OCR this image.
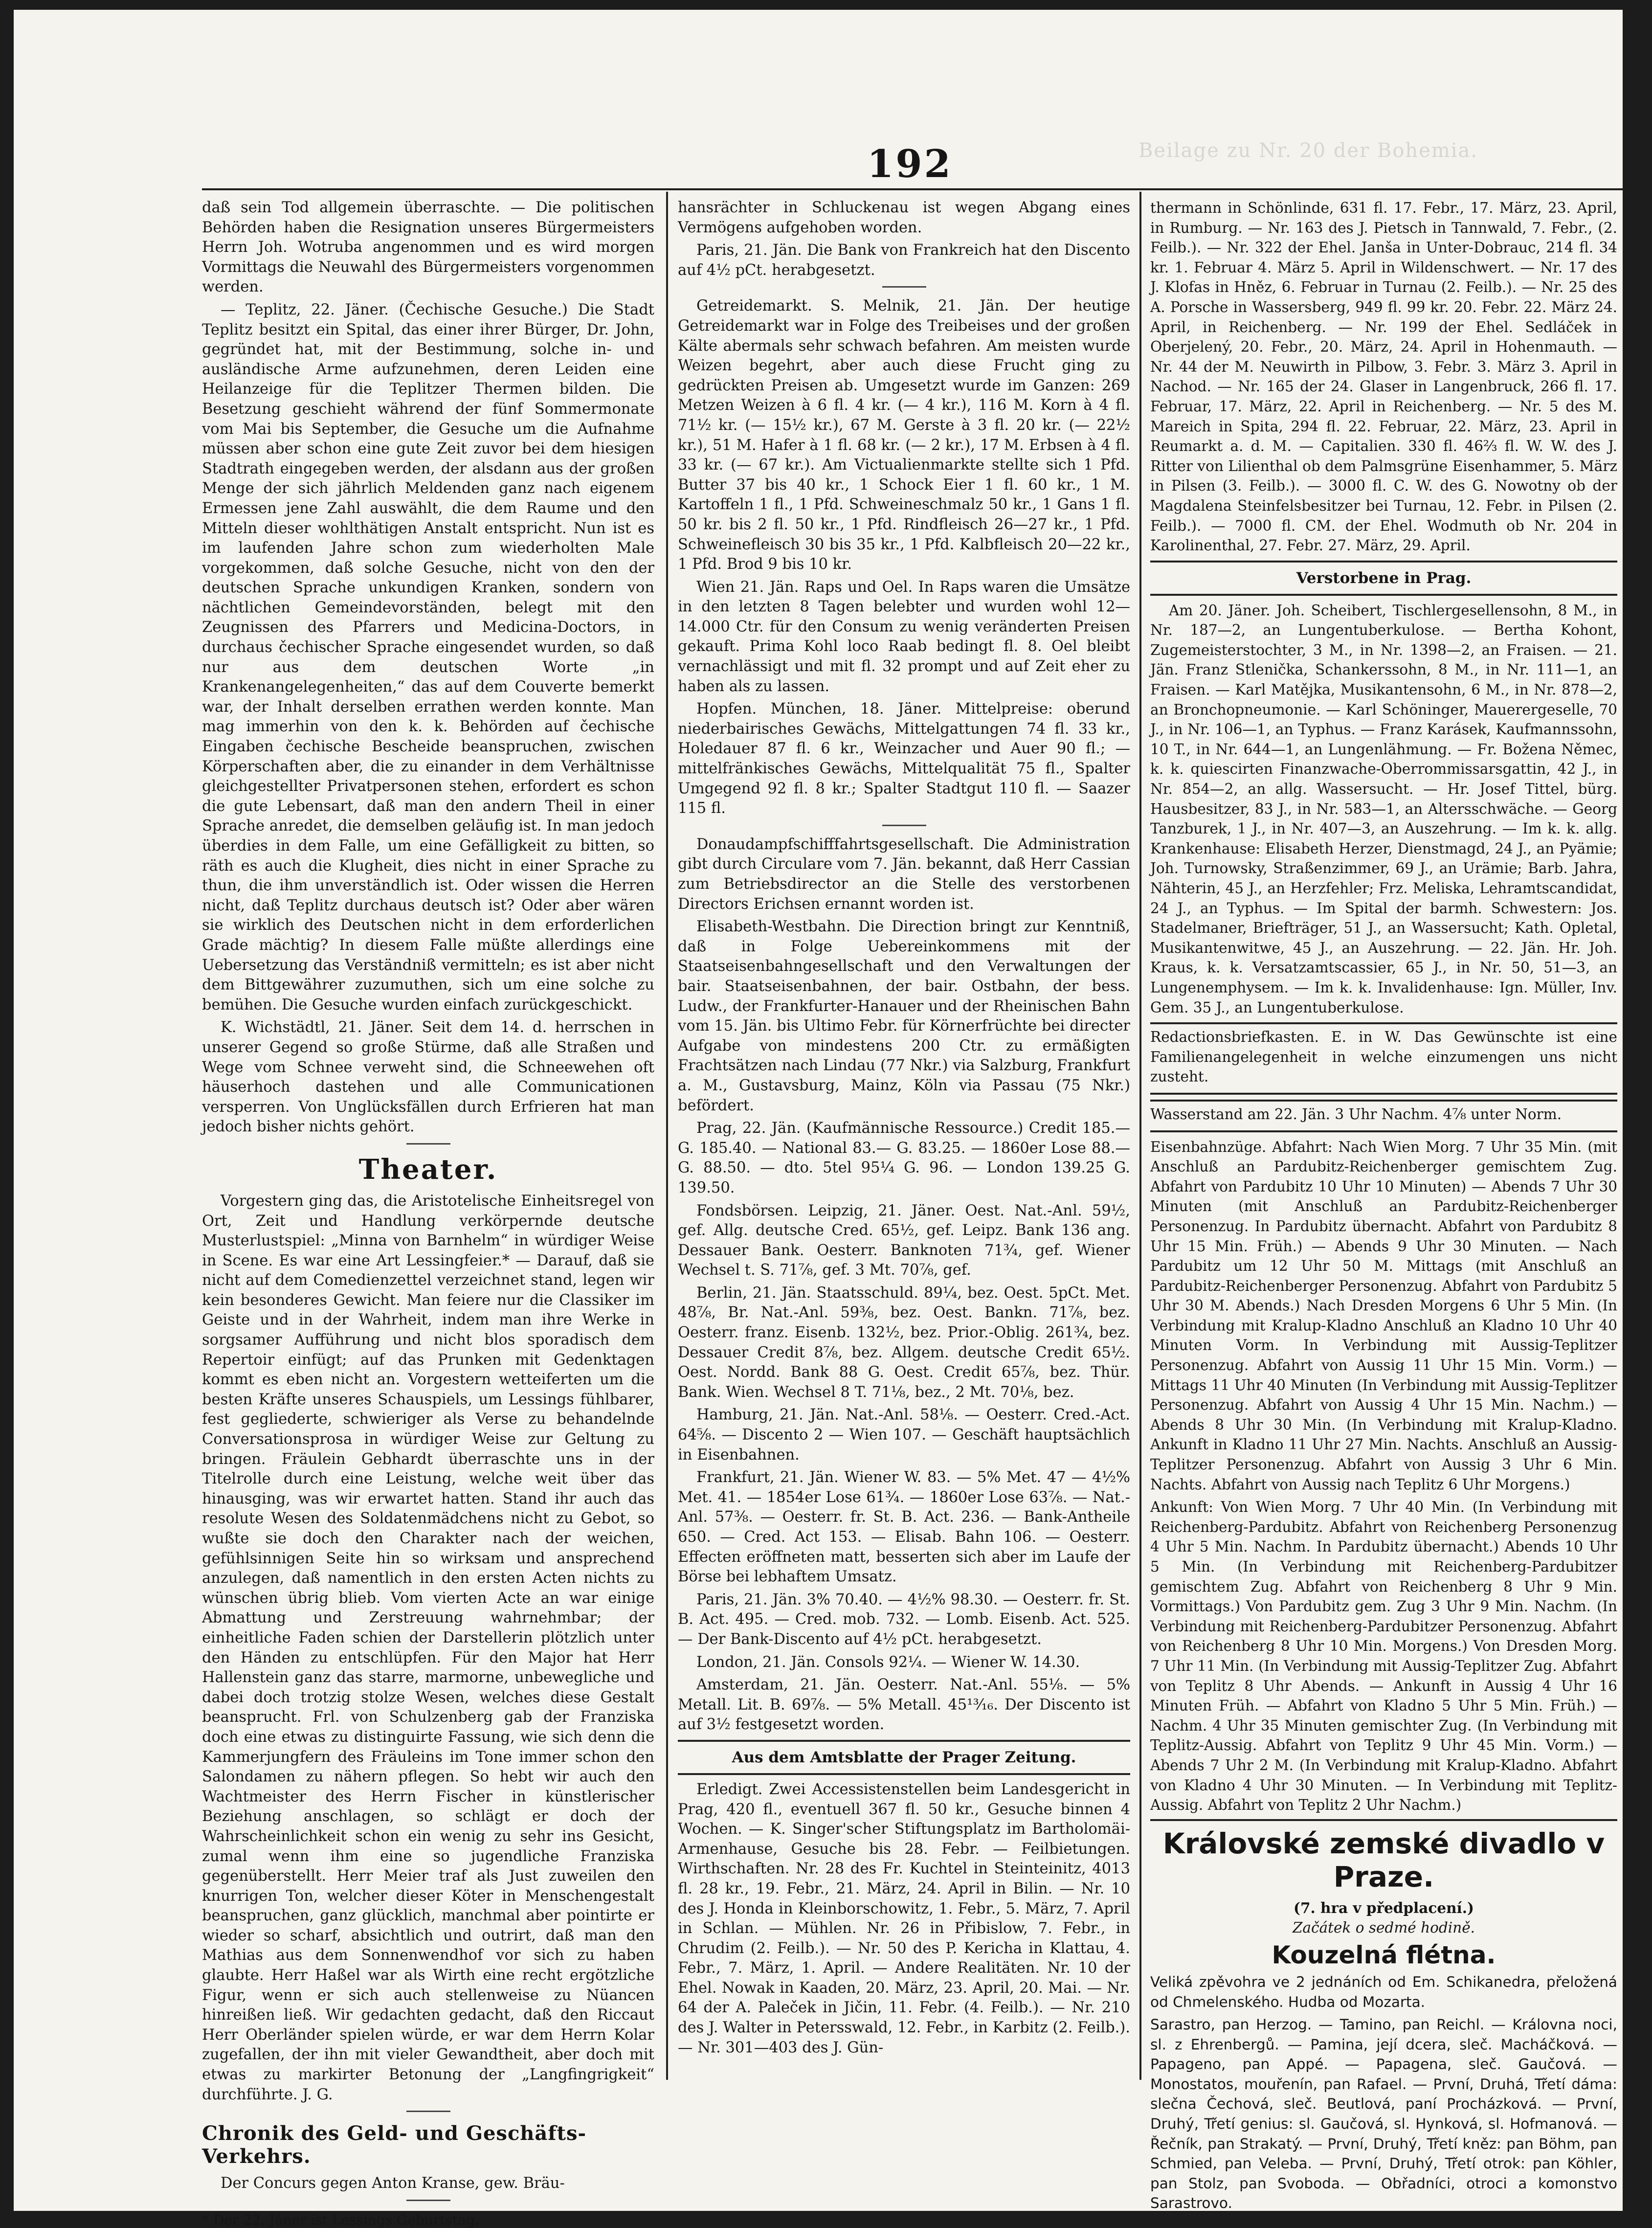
Beilage zu Nr. 20 der Bohemia.
192

daß sein Tod allgemein überraschte. — Die politischen Behörden haben die Resignation unseres Bürgermeisters Herrn Joh. Wotruba angenommen und es wird morgen Vormittags die Neuwahl des Bürgermeisters vorgenommen werden.

— Teplitz, 22. Jäner. (Čechische Gesuche.) Die Stadt Teplitz besitzt ein Spital, das einer ihrer Bürger, Dr. John, gegründet hat, mit der Bestimmung, solche in- und ausländische Arme aufzunehmen, deren Leiden eine Heilanzeige für die Teplitzer Thermen bilden. Die Besetzung geschieht während der fünf Sommermonate vom Mai bis September, die Gesuche um die Aufnahme müssen aber schon eine gute Zeit zuvor bei dem hiesigen Stadtrath eingegeben werden, der alsdann aus der großen Menge der sich jährlich Meldenden ganz nach eigenem Ermessen jene Zahl auswählt, die dem Raume und den Mitteln dieser wohlthätigen Anstalt entspricht. Nun ist es im laufenden Jahre schon zum wiederholten Male vorgekommen, daß solche Gesuche, nicht von den der deutschen Sprache unkundigen Kranken, sondern von nächtlichen Gemeindevorständen, belegt mit den Zeugnissen des Pfarrers und Medicina-Doctors, in durchaus čechischer Sprache eingesendet wurden, so daß nur aus dem deutschen Worte „in Krankenangelegenheiten,“ das auf dem Couverte bemerkt war, der Inhalt derselben errathen werden konnte. Man mag immerhin von den k. k. Behörden auf čechische Eingaben čechische Bescheide beanspruchen, zwischen Körperschaften aber, die zu einander in dem Verhältnisse gleichgestellter Privatpersonen stehen, erfordert es schon die gute Lebensart, daß man den andern Theil in einer Sprache anredet, die demselben geläufig ist. In man jedoch überdies in dem Falle, um eine Gefälligkeit zu bitten, so räth es auch die Klugheit, dies nicht in einer Sprache zu thun, die ihm unverständlich ist. Oder wissen die Herren nicht, daß Teplitz durchaus deutsch ist? Oder aber wären sie wirklich des Deutschen nicht in dem erforderlichen Grade mächtig? In diesem Falle müßte allerdings eine Uebersetzung das Verständniß vermitteln; es ist aber nicht dem Bittgewährer zuzumuthen, sich um eine solche zu bemühen. Die Gesuche wurden einfach zurückgeschickt.

K. Wichstädtl, 21. Jäner. Seit dem 14. d. herrschen in unserer Gegend so große Stürme, daß alle Straßen und Wege vom Schnee verweht sind, die Schneewehen oft häuserhoch dastehen und alle Communicationen versperren. Von Unglücksfällen durch Erfrieren hat man jedoch bisher nichts gehört.

Theater.

Vorgestern ging das, die Aristotelische Einheitsregel von Ort, Zeit und Handlung verkörpernde deutsche Musterlustspiel: „Minna von Barnhelm“ in würdiger Weise in Scene. Es war eine Art Lessingfeier.* — Darauf, daß sie nicht auf dem Comedienzettel verzeichnet stand, legen wir kein besonderes Gewicht. Man feiere nur die Classiker im Geiste und in der Wahrheit, indem man ihre Werke in sorgsamer Aufführung und nicht blos sporadisch dem Repertoir einfügt; auf das Prunken mit Gedenktagen kommt es eben nicht an. Vorgestern wetteiferten um die besten Kräfte unseres Schauspiels, um Lessings fühlbarer, fest gegliederte, schwieriger als Verse zu behandelnde Conversationsprosa in würdiger Weise zur Geltung zu bringen. Fräulein Gebhardt überraschte uns in der Titelrolle durch eine Leistung, welche weit über das hinausging, was wir erwartet hatten. Stand ihr auch das resolute Wesen des Soldatenmädchens nicht zu Gebot, so wußte sie doch den Charakter nach der weichen, gefühlsinnigen Seite hin so wirksam und ansprechend anzulegen, daß namentlich in den ersten Acten nichts zu wünschen übrig blieb. Vom vierten Acte an war einige Abmattung und Zerstreuung wahrnehmbar; der einheitliche Faden schien der Darstellerin plötzlich unter den Händen zu entschlüpfen. Für den Major hat Herr Hallenstein ganz das starre, marmorne, unbewegliche und dabei doch trotzig stolze Wesen, welches diese Gestalt beansprucht. Frl. von Schulzenberg gab der Franziska doch eine etwas zu distinguirte Fassung, wie sich denn die Kammerjungfern des Fräuleins im Tone immer schon den Salondamen zu nähern pflegen. So hebt wir auch den Wachtmeister des Herrn Fischer in künstlerischer Beziehung anschlagen, so schlägt er doch der Wahrscheinlichkeit schon ein wenig zu sehr ins Gesicht, zumal wenn ihm eine so jugendliche Franziska gegenüberstellt. Herr Meier traf als Just zuweilen den knurrigen Ton, welcher dieser Köter in Menschengestalt beanspruchen, ganz glücklich, manchmal aber pointirte er wieder so scharf, absichtlich und outrirt, daß man den Mathias aus dem Sonnenwendhof vor sich zu haben glaubte. Herr Haßel war als Wirth eine recht ergötzliche Figur, wenn er sich auch stellenweise zu Nüancen hinreißen ließ. Wir gedachten gedacht, daß den Riccaut Herr Oberländer spielen würde, er war dem Herrn Kolar zugefallen, der ihn mit vieler Gewandtheit, aber doch mit etwas zu markirter Betonung der „Langfingrigkeit“ durchführte. J. G.

Chronik des Geld- und Geschäfts-Verkehrs.

Der Concurs gegen Anton Kranse, gew. Bräu-

* Der 22. Jäner ist Lessings Geburtstag.

hansrächter in Schluckenau ist wegen Abgang eines Vermögens aufgehoben worden.

Paris, 21. Jän. Die Bank von Frankreich hat den Discento auf 4½ pCt. herabgesetzt.

Getreidemarkt. S. Melnik, 21. Jän. Der heutige Getreidemarkt war in Folge des Treibeises und der großen Kälte abermals sehr schwach befahren. Am meisten wurde Weizen begehrt, aber auch diese Frucht ging zu gedrückten Preisen ab. Umgesetzt wurde im Ganzen: 269 Metzen Weizen à 6 fl. 4 kr. (— 4 kr.), 116 M. Korn à 4 fl. 71½ kr. (— 15½ kr.), 67 M. Gerste à 3 fl. 20 kr. (— 22½ kr.), 51 M. Hafer à 1 fl. 68 kr. (— 2 kr.), 17 M. Erbsen à 4 fl. 33 kr. (— 67 kr.). Am Victualienmarkte stellte sich 1 Pfd. Butter 37 bis 40 kr., 1 Schock Eier 1 fl. 60 kr., 1 M. Kartoffeln 1 fl., 1 Pfd. Schweineschmalz 50 kr., 1 Gans 1 fl. 50 kr. bis 2 fl. 50 kr., 1 Pfd. Rindfleisch 26—27 kr., 1 Pfd. Schweinefleisch 30 bis 35 kr., 1 Pfd. Kalbfleisch 20—22 kr., 1 Pfd. Brod 9 bis 10 kr.

Wien 21. Jän. Raps und Oel. In Raps waren die Umsätze in den letzten 8 Tagen belebter und wurden wohl 12—14.000 Ctr. für den Consum zu wenig veränderten Preisen gekauft. Prima Kohl loco Raab bedingt fl. 8. Oel bleibt vernachlässigt und mit fl. 32 prompt und auf Zeit eher zu haben als zu lassen.

Hopfen. München, 18. Jäner. Mittelpreise: oberund niederbairisches Gewächs, Mittelgattungen 74 fl. 33 kr., Holedauer 87 fl. 6 kr., Weinzacher und Auer 90 fl.; — mittelfränkisches Gewächs, Mittelqualität 75 fl., Spalter Umgegend 92 fl. 8 kr.; Spalter Stadtgut 110 fl. — Saazer 115 fl.

Donaudampfschifffahrtsgesellschaft. Die Administration gibt durch Circulare vom 7. Jän. bekannt, daß Herr Cassian zum Betriebsdirector an die Stelle des verstorbenen Directors Erichsen ernannt worden ist.

Elisabeth-Westbahn. Die Direction bringt zur Kenntniß, daß in Folge Uebereinkommens mit der Staatseisenbahngesellschaft und den Verwaltungen der bair. Staatseisenbahnen, der bair. Ostbahn, der bess. Ludw., der Frankfurter-Hanauer und der Rheinischen Bahn vom 15. Jän. bis Ultimo Febr. für Körnerfrüchte bei directer Aufgabe von mindestens 200 Ctr. zu ermäßigten Frachtsätzen nach Lindau (77 Nkr.) via Salzburg, Frankfurt a. M., Gustavsburg, Mainz, Köln via Passau (75 Nkr.) befördert.

Prag, 22. Jän. (Kaufmännische Ressource.) Credit 185.— G. 185.40. — National 83.— G. 83.25. — 1860er Lose 88.— G. 88.50. — dto. 5tel 95¼ G. 96. — London 139.25 G. 139.50.

Fondsbörsen. Leipzig, 21. Jäner. Oest. Nat.-Anl. 59½, gef. Allg. deutsche Cred. 65½, gef. Leipz. Bank 136 ang. Dessauer Bank. Oesterr. Banknoten 71¾, gef. Wiener Wechsel t. S. 71⅞, gef. 3 Mt. 70⅞, gef.

Berlin, 21. Jän. Staatsschuld. 89¼, bez. Oest. 5pCt. Met. 48⅞, Br. Nat.-Anl. 59⅜, bez. Oest. Bankn. 71⅞, bez. Oesterr. franz. Eisenb. 132½, bez. Prior.-Oblig. 261¾, bez. Dessauer Credit 8⅞, bez. Allgem. deutsche Credit 65½. Oest. Nordd. Bank 88 G. Oest. Credit 65⅞, bez. Thür. Bank. Wien. Wechsel 8 T. 71⅛, bez., 2 Mt. 70⅛, bez.

Hamburg, 21. Jän. Nat.-Anl. 58⅛. — Oesterr. Cred.-Act. 64⅝. — Discento 2 — Wien 107. — Geschäft hauptsächlich in Eisenbahnen.

Frankfurt, 21. Jän. Wiener W. 83. — 5% Met. 47 — 4½% Met. 41. — 1854er Lose 61¾. — 1860er Lose 63⅞. — Nat.-Anl. 57⅜. — Oesterr. fr. St. B. Act. 236. — Bank-Antheile 650. — Cred. Act 153. — Elisab. Bahn 106. — Oesterr. Effecten eröffneten matt, besserten sich aber im Laufe der Börse bei lebhaftem Umsatz.

Paris, 21. Jän. 3% 70.40. — 4½% 98.30. — Oesterr. fr. St. B. Act. 495. — Cred. mob. 732. — Lomb. Eisenb. Act. 525. — Der Bank-Discento auf 4½ pCt. herabgesetzt.

London, 21. Jän. Consols 92¼. — Wiener W. 14.30.

Amsterdam, 21. Jän. Oesterr. Nat.-Anl. 55⅛. — 5% Metall. Lit. B. 69⅞. — 5% Metall. 45¹³⁄₁₆. Der Discento ist auf 3½ festgesetzt worden.

Aus dem Amtsblatte der Prager Zeitung.

Erledigt. Zwei Accessistenstellen beim Landesgericht in Prag, 420 fl., eventuell 367 fl. 50 kr., Gesuche binnen 4 Wochen. — K. Singer'scher Stiftungsplatz im Bartholomäi-Armenhause, Gesuche bis 28. Febr. — Feilbietungen. Wirthschaften. Nr. 28 des Fr. Kuchtel in Steinteinitz, 4013 fl. 28 kr., 19. Febr., 21. März, 24. April in Bilin. — Nr. 10 des J. Honda in Kleinborschowitz, 1. Febr., 5. März, 7. April in Schlan. — Mühlen. Nr. 26 in Přibislow, 7. Febr., in Chrudim (2. Feilb.). — Nr. 50 des P. Kericha in Klattau, 4. Febr., 7. März, 1. April. — Andere Realitäten. Nr. 10 der Ehel. Nowak in Kaaden, 20. März, 23. April, 20. Mai. — Nr. 64 der A. Paleček in Jičin, 11. Febr. (4. Feilb.). — Nr. 210 des J. Walter in Petersswald, 12. Febr., in Karbitz (2. Feilb.). — Nr. 301—403 des J. Gün-

thermann in Schönlinde, 631 fl. 17. Febr., 17. März, 23. April, in Rumburg. — Nr. 163 des J. Pietsch in Tannwald, 7. Febr., (2. Feilb.). — Nr. 322 der Ehel. Janša in Unter-Dobrauc, 214 fl. 34 kr. 1. Februar 4. März 5. April in Wildenschwert. — Nr. 17 des J. Klofas in Hněz, 6. Februar in Turnau (2. Feilb.). — Nr. 25 des A. Porsche in Wassersberg, 949 fl. 99 kr. 20. Febr. 22. März 24. April, in Reichenberg. — Nr. 199 der Ehel. Sedláček in Oberjelený, 20. Febr., 20. März, 24. April in Hohenmauth. — Nr. 44 der M. Neuwirth in Pilbow, 3. Febr. 3. März 3. April in Nachod. — Nr. 165 der 24. Glaser in Langenbruck, 266 fl. 17. Februar, 17. März, 22. April in Reichenberg. — Nr. 5 des M. Mareich in Spita, 294 fl. 22. Februar, 22. März, 23. April in Reumarkt a. d. M. — Capitalien. 330 fl. 46⅔ fl. W. W. des J. Ritter von Lilienthal ob dem Palmsgrüne Eisenhammer, 5. März in Pilsen (3. Feilb.). — 3000 fl. C. W. des G. Nowotny ob der Magdalena Steinfelsbesitzer bei Turnau, 12. Febr. in Pilsen (2. Feilb.). — 7000 fl. CM. der Ehel. Wodmuth ob Nr. 204 in Karolinenthal, 27. Febr. 27. März, 29. April.

Verstorbene in Prag.

Am 20. Jäner. Joh. Scheibert, Tischlergesellensohn, 8 M., in Nr. 187—2, an Lungentuberkulose. — Bertha Kohont, Zugemeisterstochter, 3 M., in Nr. 1398—2, an Fraisen. — 21. Jän. Franz Stlenička, Schankerssohn, 8 M., in Nr. 111—1, an Fraisen. — Karl Matějka, Musikantensohn, 6 M., in Nr. 878—2, an Bronchopneumonie. — Karl Schöninger, Mauerergeselle, 70 J., in Nr. 106—1, an Typhus. — Franz Karásek, Kaufmannssohn, 10 T., in Nr. 644—1, an Lungenlähmung. — Fr. Božena Němec, k. k. quiescirten Finanzwache-Oberrommissarsgattin, 42 J., in Nr. 854—2, an allg. Wassersucht. — Hr. Josef Tittel, bürg. Hausbesitzer, 83 J., in Nr. 583—1, an Altersschwäche. — Georg Tanzburek, 1 J., in Nr. 407—3, an Auszehrung. — Im k. k. allg. Krankenhause: Elisabeth Herzer, Dienstmagd, 24 J., an Pyämie; Joh. Turnowsky, Straßenzimmer, 69 J., an Urämie; Barb. Jahra, Nähterin, 45 J., an Herzfehler; Frz. Meliska, Lehramtscandidat, 24 J., an Typhus. — Im Spital der barmh. Schwestern: Jos. Stadelmaner, Briefträger, 51 J., an Wassersucht; Kath. Opletal, Musikantenwitwe, 45 J., an Auszehrung. — 22. Jän. Hr. Joh. Kraus, k. k. Versatzamtscassier, 65 J., in Nr. 50, 51—3, an Lungenemphysem. — Im k. k. Invalidenhause: Ign. Müller, Inv. Gem. 35 J., an Lungentuberkulose.

Redactionsbriefkasten. E. in W. Das Gewünschte ist eine Familienangelegenheit in welche einzumengen uns nicht zusteht.

Wasserstand am 22. Jän. 3 Uhr Nachm. 4⅞ unter Norm.

Eisenbahnzüge. Abfahrt: Nach Wien Morg. 7 Uhr 35 Min. (mit Anschluß an Pardubitz-Reichenberger gemischtem Zug. Abfahrt von Pardubitz 10 Uhr 10 Minuten) — Abends 7 Uhr 30 Minuten (mit Anschluß an Pardubitz-Reichenberger Personenzug. In Pardubitz übernacht. Abfahrt von Pardubitz 8 Uhr 15 Min. Früh.) — Abends 9 Uhr 30 Minuten. — Nach Pardubitz um 12 Uhr 50 M. Mittags (mit Anschluß an Pardubitz-Reichenberger Personenzug. Abfahrt von Pardubitz 5 Uhr 30 M. Abends.) Nach Dresden Morgens 6 Uhr 5 Min. (In Verbindung mit Kralup-Kladno Anschluß an Kladno 10 Uhr 40 Minuten Vorm. In Verbindung mit Aussig-Teplitzer Personenzug. Abfahrt von Aussig 11 Uhr 15 Min. Vorm.) — Mittags 11 Uhr 40 Minuten (In Verbindung mit Aussig-Teplitzer Personenzug. Abfahrt von Aussig 4 Uhr 15 Min. Nachm.) — Abends 8 Uhr 30 Min. (In Verbindung mit Kralup-Kladno. Ankunft in Kladno 11 Uhr 27 Min. Nachts. Anschluß an Aussig-Teplitzer Personenzug. Abfahrt von Aussig 3 Uhr 6 Min. Nachts. Abfahrt von Aussig nach Teplitz 6 Uhr Morgens.)

Ankunft: Von Wien Morg. 7 Uhr 40 Min. (In Verbindung mit Reichenberg-Pardubitz. Abfahrt von Reichenberg Personenzug 4 Uhr 5 Min. Nachm. In Pardubitz übernacht.) Abends 10 Uhr 5 Min. (In Verbindung mit Reichenberg-Pardubitzer gemischtem Zug. Abfahrt von Reichenberg 8 Uhr 9 Min. Vormittags.) Von Pardubitz gem. Zug 3 Uhr 9 Min. Nachm. (In Verbindung mit Reichenberg-Pardubitzer Personenzug. Abfahrt von Reichenberg 8 Uhr 10 Min. Morgens.) Von Dresden Morg. 7 Uhr 11 Min. (In Verbindung mit Aussig-Teplitzer Zug. Abfahrt von Teplitz 8 Uhr Abends. — Ankunft in Aussig 4 Uhr 16 Minuten Früh. — Abfahrt von Kladno 5 Uhr 5 Min. Früh.) — Nachm. 4 Uhr 35 Minuten gemischter Zug. (In Verbindung mit Teplitz-Aussig. Abfahrt von Teplitz 9 Uhr 45 Min. Vorm.) — Abends 7 Uhr 2 M. (In Verbindung mit Kralup-Kladno. Abfahrt von Kladno 4 Uhr 30 Minuten. — In Verbindung mit Teplitz-Aussig. Abfahrt von Teplitz 2 Uhr Nachm.)

Královské zemské divadlo v Praze.

(7. hra v předplacení.)

Začátek o sedmé hodině.

Kouzelná flétna.

Veliká zpěvohra ve 2 jednáních od Em. Schikanedra, přeložená od Chmelenského. Hudba od Mozarta.

Sarastro, pan Herzog. — Tamino, pan Reichl. — Královna noci, sl. z Ehrenbergů. — Pamina, její dcera, sleč. Macháčková. — Papageno, pan Appé. — Papagena, sleč. Gaučová. — Monostatos, mouřenín, pan Rafael. — První, Druhá, Třetí dáma: slečna Čechová, sleč. Beutlová, paní Procházková. — První, Druhý, Třetí genius: sl. Gaučová, sl. Hynková, sl. Hofmanová. — Řečník, pan Strakatý. — První, Druhý, Třetí kněz: pan Böhm, pan Schmied, pan Veleba. — První, Druhý, Třetí otrok: pan Köhler, pan Stolz, pan Svoboda. — Obřadníci, otroci a komonstvo Sarastrovo.
